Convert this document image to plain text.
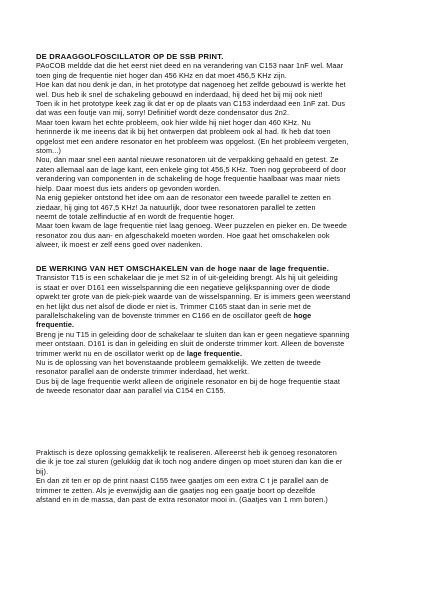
DE DRAAGGOLFOSCILLATOR OP DE SSB PRINT.
PAoCOB meldde dat die het eerst niet deed en na verandering van C153 naar 1nF wel. Maar
toen ging de frequentie niet hoger dan 456 KHz en dat moet 456,5 KHz zijn.
Hoe kan dat nou denk je dan, in het prototype dat nagenoeg het zelfde gebouwd is werkte het
wel. Dus heb ik snel de schakeling gebouwd en inderdaad, hij deed het bij mij ook niet!
Toen ik in het prototype keek zag ik dat er op de plaats van C153 inderdaad een 1nF zat. Dus
dat was een foutje van mij, sorry! Definitief wordt deze condensator dus 2n2.
Maar toen kwam het echte probleem, ook hier wilde hij niet hoger dan 460 KHz. Nu
herinnerde ik me ineens dat ik bij het ontwerpen dat probleem ook al had. Ik heb dat toen
opgelost met een andere resonator en het probleem was opgelost. (En het probleem vergeten,
stom...)
Nou, dan maar snel een aantal nieuwe resonatoren uit de verpakking gehaald en getest. Ze
zaten allemaal aan de lage kant, een enkele ging tot 456,5 KHz. Toen nog geprobeerd of door
verandering van componenten in de schakeling de hoge frequentie haalbaar was maar niets
hielp. Daar moest dus iets anders op gevonden worden.
Na enig gepieker ontstond het idee om aan de resonator een tweede parallel te zetten en
ziedaar, hij ging tot 467,5 KHz! Ja natuurlijk, door twee resonatoren parallel te zetten
neemt de totale zelfinductie af en wordt de frequentie hoger.
Maar toen kwam de lage frequentie niet laag genoeg. Weer puzzelen en pieker en. De tweede
resonator zou dus aan- en afgeschakeld moeten worden. Hoe gaat het omschakelen ook
alweer, ik moest er zelf eens goed over nadenken.
DE WERKING VAN HET OMSCHAKELEN van de hoge naar de lage frequentie.
Transistor T15 is een schakelaar die je met S2 in of uit-geleiding brengt. Als hij uit geleiding
is staat er over D161 een wisselspanning die een negatieve gelijkspanning over de diode
opwekt ter grote van de piek-piek waarde van de wisselspanning. Er is immers geen weerstand
en het lijkt dus net alsof de diode er niet is. Trimmer C165 staat dan in serie met de
parallelschakeling van de bovenste trimmer en C166 en de oscillator geeft de hoge
frequentie.
Breng je nu T15 in geleiding door de schakelaar te sluiten dan kan er geen negatieve spanning
meer ontstaan. D161 is dan in geleiding en sluit de onderste trimmer kort. Alleen de bovenste
trimmer werkt nu en de oscillator werkt op de lage frequentie.
Nu is de oplossing van het bovenstaande probleem gemakkelijk. We zetten de tweede
resonator parallel aan de onderste trimmer inderdaad, het werkt.
Dus bij de lage frequentie werkt alleen de originele resonator en bij de hoge frequentie staat
de tweede resonator daar aan parallel via C154 en C155.
Praktisch is deze oplossing gemakkelijk te realiseren. Allereerst heb ik genoeg resonatoren
die ik je toe zal sturen (gelukkig dat ik toch nog andere dingen op moet sturen dan kan die er
bij).
En dan zit ten er op de print naast C155 twee gaatjes om een extra C t je parallel aan de
trimmer te zetten. Als je evenwijdig aan die gaatjes nog een gaatje boort op dezelfde
afstand en in de massa, dan past de extra resonator mooi in. (Gaatjes van 1 mm boren.)
